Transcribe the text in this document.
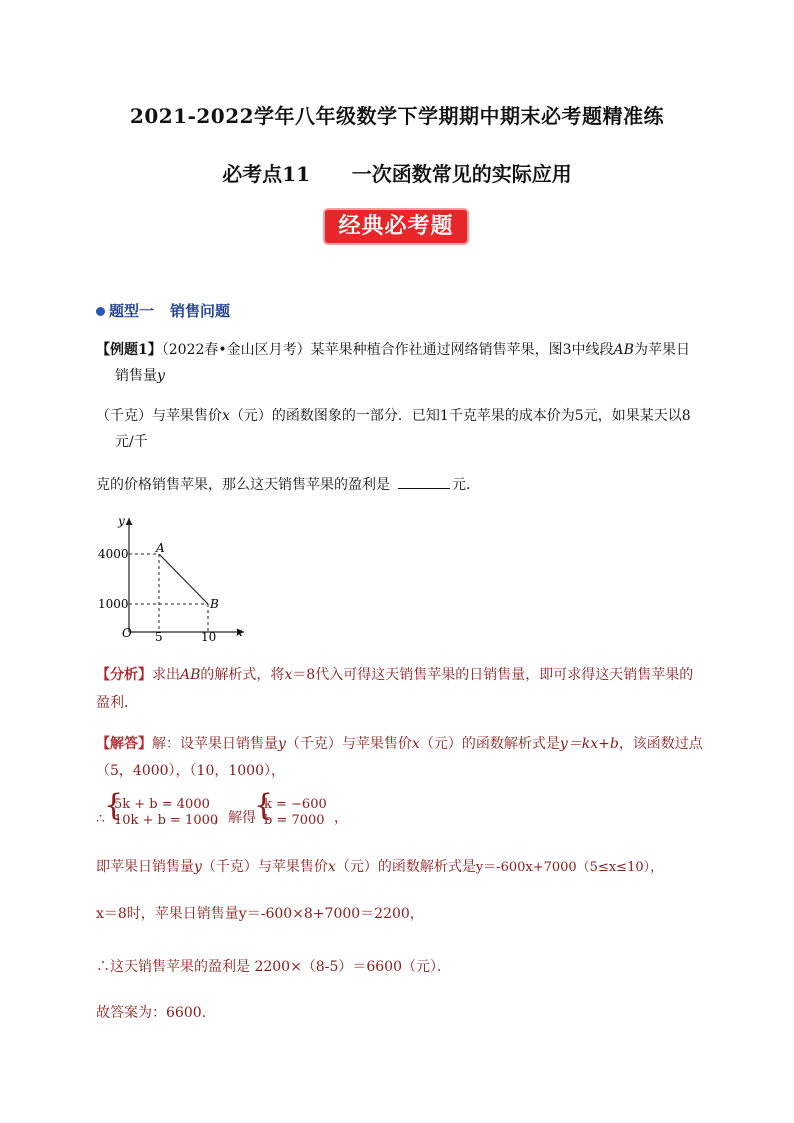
2021-2022学年八年级数学下学期期中期末必考题精准练
必考点11      一次函数常见的实际应用
经典必考题
题型一 销售问题
【例题1】（2022春•金山区月考）某苹果种植合作社通过网络销售苹果，图3中线段AB为苹果日
销售量y
（千克）与苹果售价x（元）的函数图象的一部分．已知1千克苹果的成本价为5元，如果某天以8
元/千
克的价格销售苹果，那么这天销售苹果的盈利是	元．
y
x
O
4000
1000
5	10
A
B
【分析】求出AB的解析式，将x＝8代入可得这天销售苹果的日销售量，即可求得这天销售苹果的
盈利．
【解答】解：设苹果日销售量y（千克）与苹果售价x（元）的函数解析式是y＝kx+b，该函数过点
（5，4000），（10，1000），
∴ {
5k + b = 4000
10k + b = 1000
，解得
{
k = −600
b = 7000 ，
即苹果日销售量y（千克）与苹果售价x（元）的函数解析式是y＝-600x+7000（5≤x≤10），
x＝8时，苹果日销售量y＝-600×8+7000＝2200，
∴这天销售苹果的盈利是 2200×（8-5）＝6600（元）．
故答案为：6600．
